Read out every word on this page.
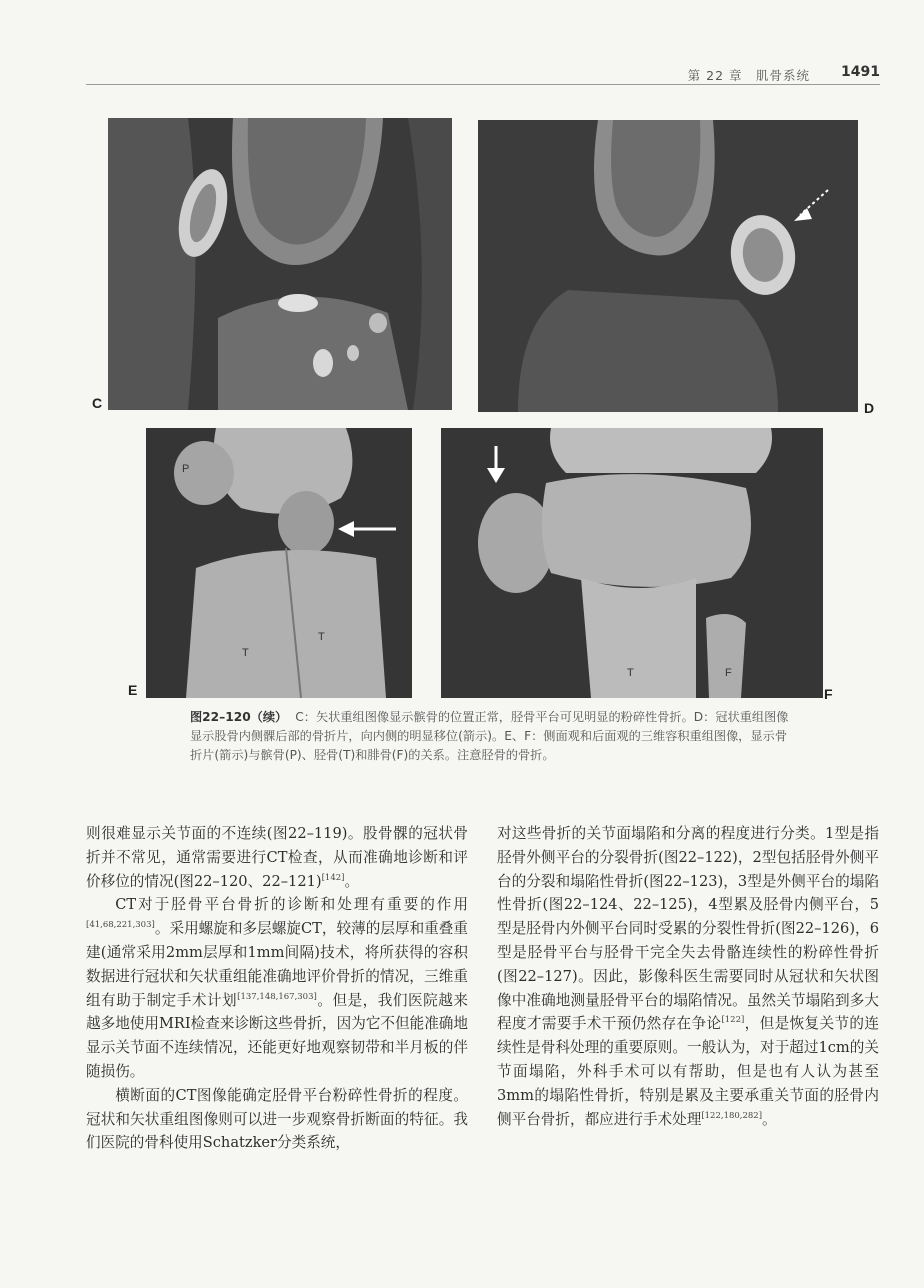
第 22 章　肌骨系统 1491
C	D
P
T
T
E
T	F
F
图22–120（续） C：矢状重组图像显示髌骨的位置正常，胫骨平台可见明显的粉碎性骨折。D：冠状重组图像显示股骨内侧髁后部的骨折片，向内侧的明显移位(箭示)。E、F：侧面观和后面观的三维容积重组图像，显示骨折片(箭示)与髌骨(P)、胫骨(T)和腓骨(F)的关系。注意胫骨的骨折。

则很难显示关节面的不连续(图22–119)。股骨髁的冠状骨折并不常见，通常需要进行CT检查，从而准确地诊断和评价移位的情况(图22–120、22–121)[142]。

CT对于胫骨平台骨折的诊断和处理有重要的作用[41,68,221,303]。采用螺旋和多层螺旋CT，较薄的层厚和重叠重建(通常采用2mm层厚和1mm间隔)技术，将所获得的容积数据进行冠状和矢状重组能准确地评价骨折的情况，三维重组有助于制定手术计划[137,148,167,303]。但是，我们医院越来越多地使用MRI检查来诊断这些骨折，因为它不但能准确地显示关节面不连续情况，还能更好地观察韧带和半月板的伴随损伤。

横断面的CT图像能确定胫骨平台粉碎性骨折的程度。冠状和矢状重组图像则可以进一步观察骨折断面的特征。我们医院的骨科使用Schatzker分类系统，

对这些骨折的关节面塌陷和分离的程度进行分类。1型是指胫骨外侧平台的分裂骨折(图22–122)，2型包括胫骨外侧平台的分裂和塌陷性骨折(图22–123)，3型是外侧平台的塌陷性骨折(图22–124、22–125)，4型累及胫骨内侧平台，5型是胫骨内外侧平台同时受累的分裂性骨折(图22–126)，6型是胫骨平台与胫骨干完全失去骨骼连续性的粉碎性骨折(图22–127)。因此，影像科医生需要同时从冠状和矢状图像中准确地测量胫骨平台的塌陷情况。虽然关节塌陷到多大程度才需要手术干预仍然存在争论[122]，但是恢复关节的连续性是骨科处理的重要原则。一般认为，对于超过1cm的关节面塌陷，外科手术可以有帮助，但是也有人认为甚至3mm的塌陷性骨折，特别是累及主要承重关节面的胫骨内侧平台骨折，都应进行手术处理[122,180,282]。
